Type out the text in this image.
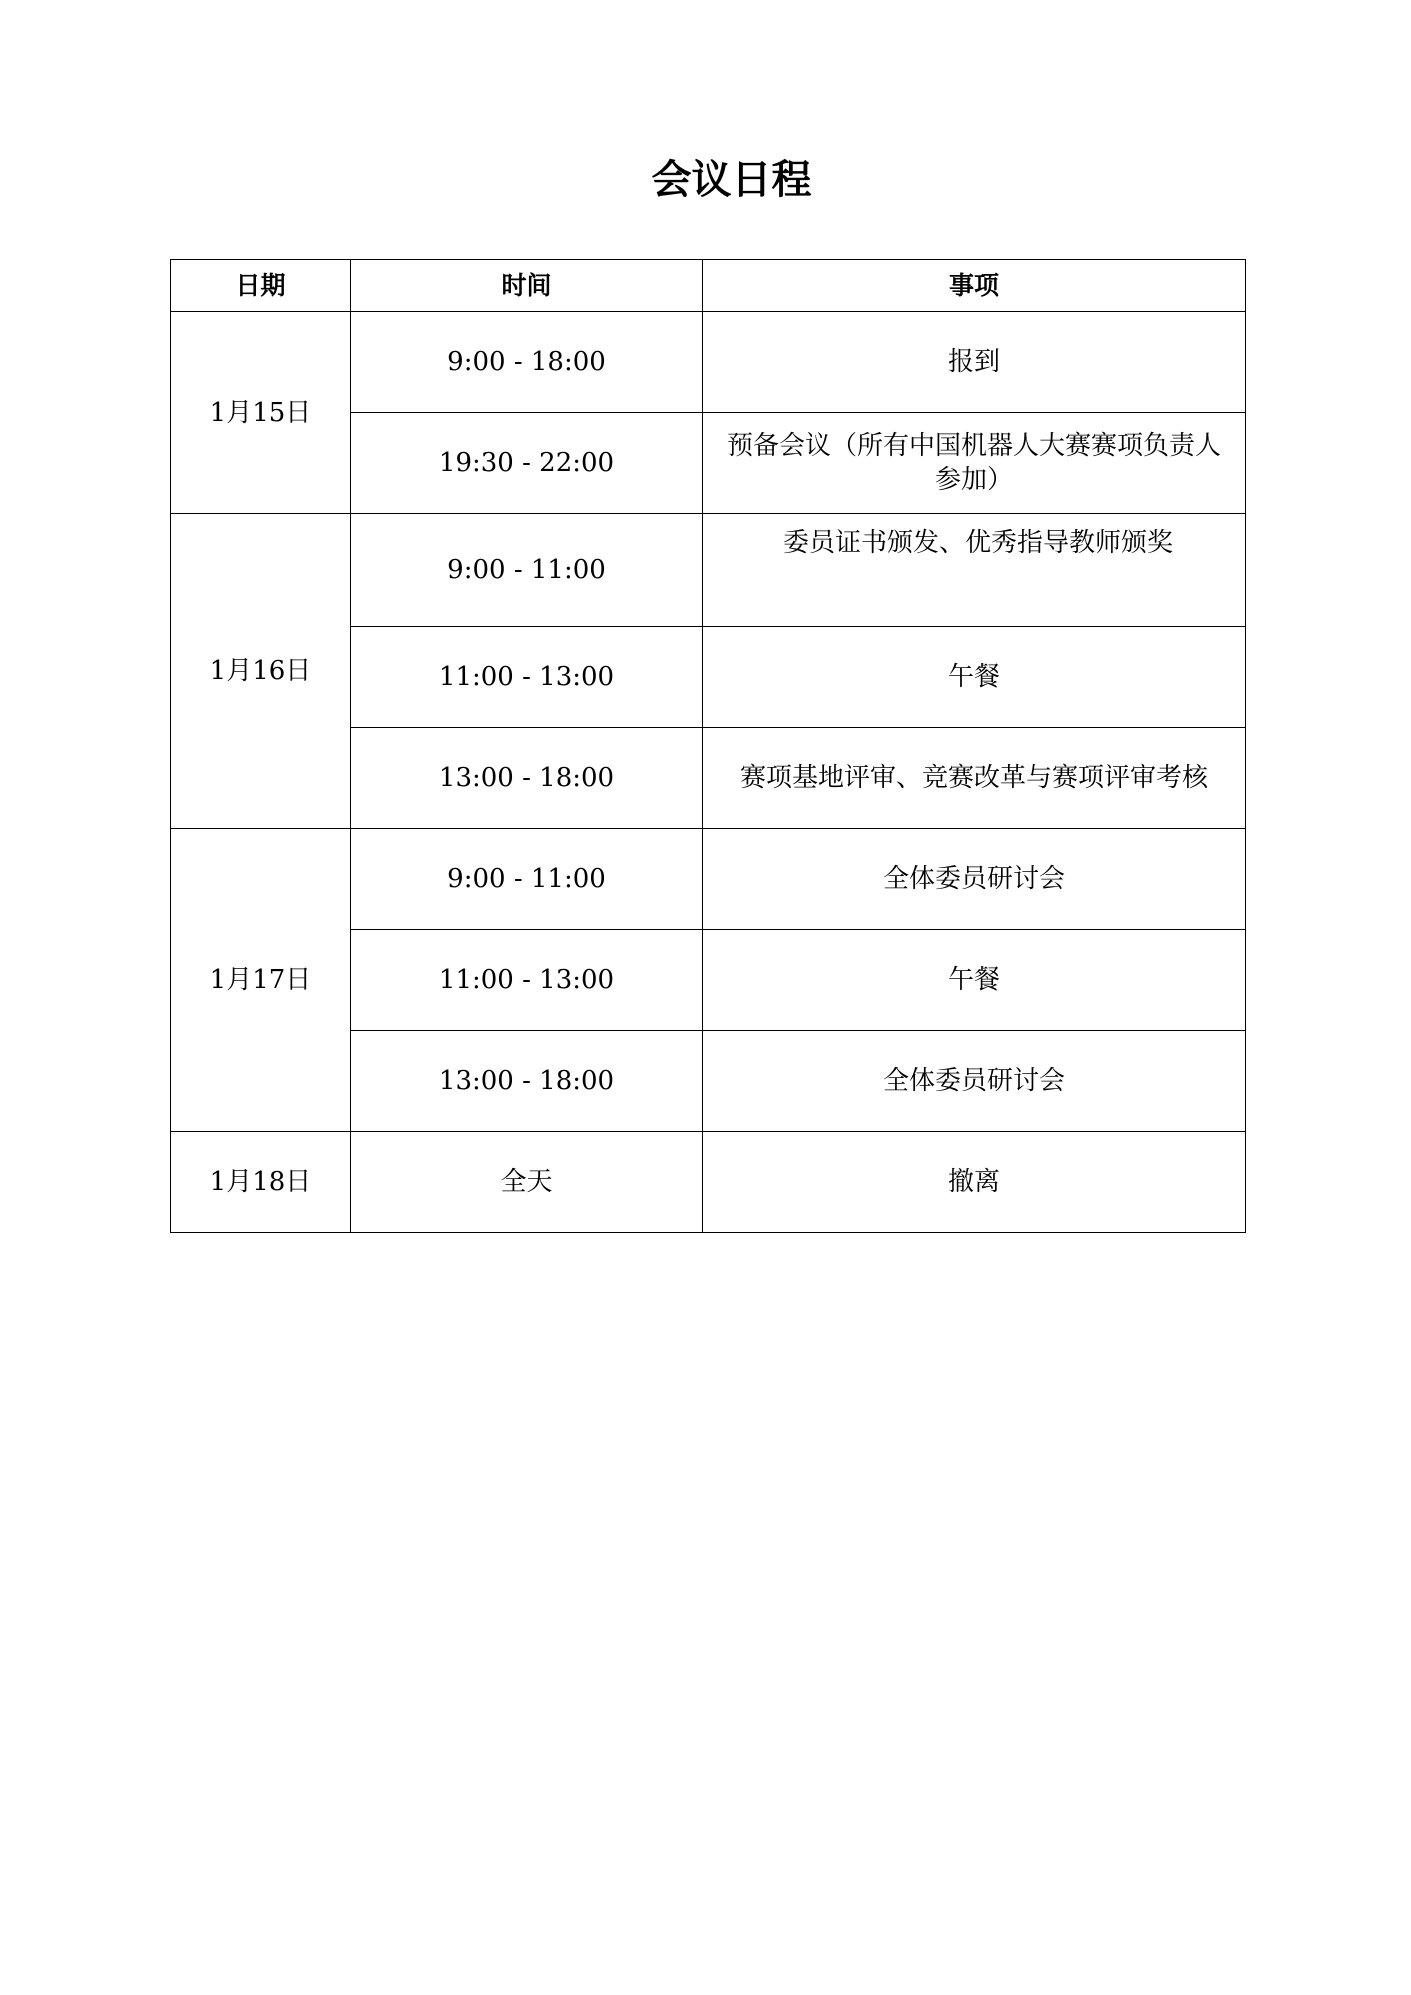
会议日程
日期	时间	事项
1月15日	9:00 - 18:00	报到
	19:30 - 22:00	预备会议（所有中国机器人大赛赛项负责人参加）
1月16日	9:00 - 11:00	委员证书颁发、优秀指导教师颁奖
	11:00 - 13:00	午餐
	13:00 - 18:00	赛项基地评审、竞赛改革与赛项评审考核
1月17日	9:00 - 11:00	全体委员研讨会
	11:00 - 13:00	午餐
	13:00 - 18:00	全体委员研讨会
1月18日	全天	撤离
